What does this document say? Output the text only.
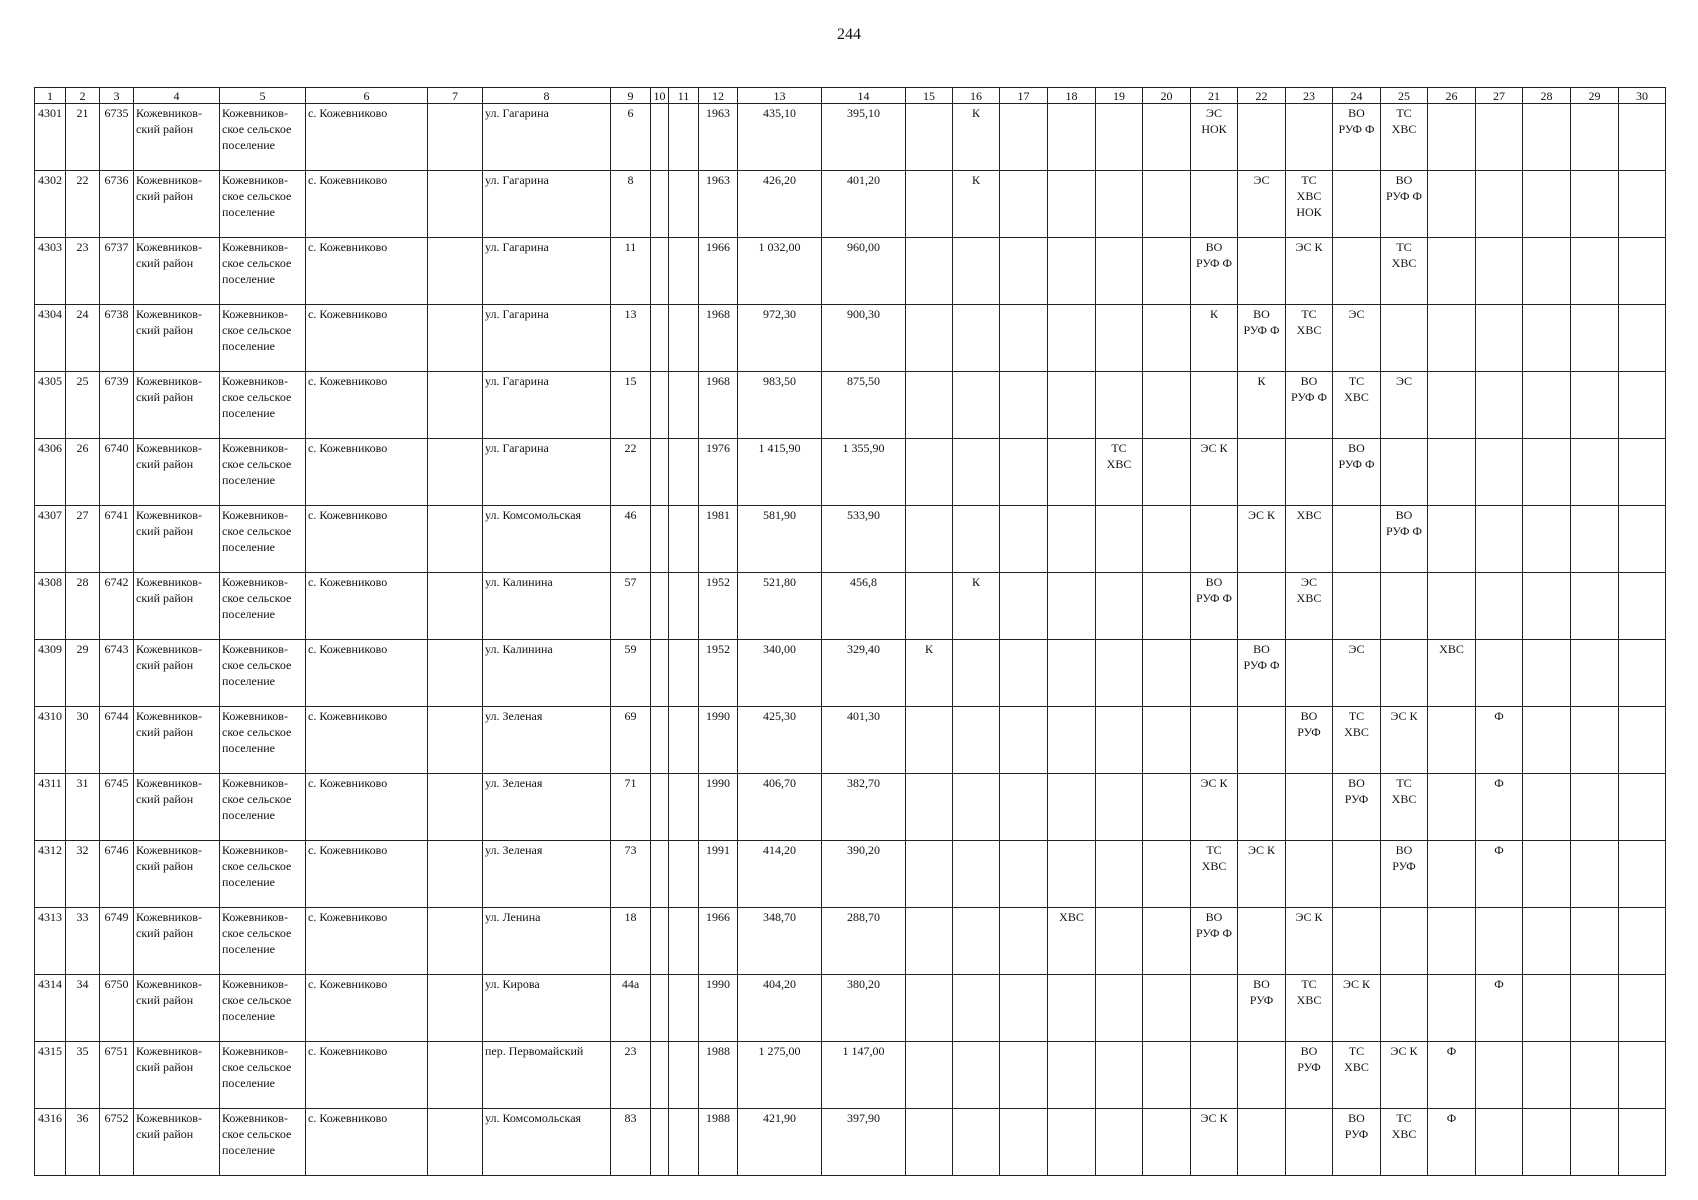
244
1	2	3	4	5	6	7	8	9	10	11	12	13	14	15	16	17	18	19	20	21	22	23	24	25	26	27	28	29	30

4301	21	6735	Кожевников-
ский район	Кожевников-
ское сельское
поселение	с. Кожевниково		ул. Гагарина	6			1963	435,10	395,10		К					ЭС
НОК			ВО
РУФ Ф	ТС
ХВС					

4302	22	6736	Кожевников-
ский район	Кожевников-
ское сельское
поселение	с. Кожевниково		ул. Гагарина	8			1963	426,20	401,20		К						ЭС	ТС
ХВС
НОК		ВО
РУФ Ф					

4303	23	6737	Кожевников-
ский район	Кожевников-
ское сельское
поселение	с. Кожевниково		ул. Гагарина	11			1966	1 032,00	960,00							ВО
РУФ Ф		ЭС К		ТС
ХВС					

4304	24	6738	Кожевников-
ский район	Кожевников-
ское сельское
поселение	с. Кожевниково		ул. Гагарина	13			1968	972,30	900,30							К	ВО
РУФ Ф	ТС
ХВС	ЭС						

4305	25	6739	Кожевников-
ский район	Кожевников-
ское сельское
поселение	с. Кожевниково		ул. Гагарина	15			1968	983,50	875,50								К	ВО
РУФ Ф	ТС
ХВС	ЭС					

4306	26	6740	Кожевников-
ский район	Кожевников-
ское сельское
поселение	с. Кожевниково		ул. Гагарина	22			1976	1 415,90	1 355,90					ТС
ХВС		ЭС К			ВО
РУФ Ф						

4307	27	6741	Кожевников-
ский район	Кожевников-
ское сельское
поселение	с. Кожевниково		ул. Комсомольская	46			1981	581,90	533,90								ЭС К	ХВС		ВО
РУФ Ф					

4308	28	6742	Кожевников-
ский район	Кожевников-
ское сельское
поселение	с. Кожевниково		ул. Калинина	57			1952	521,80	456,8		К					ВО
РУФ Ф		ЭС
ХВС							

4309	29	6743	Кожевников-
ский район	Кожевников-
ское сельское
поселение	с. Кожевниково		ул. Калинина	59			1952	340,00	329,40	К							ВО
РУФ Ф		ЭС		ХВС				

4310	30	6744	Кожевников-
ский район	Кожевников-
ское сельское
поселение	с. Кожевниково		ул. Зеленая	69			1990	425,30	401,30									ВО
РУФ	ТС
ХВС	ЭС К		Ф			

4311	31	6745	Кожевников-
ский район	Кожевников-
ское сельское
поселение	с. Кожевниково		ул. Зеленая	71			1990	406,70	382,70							ЭС К			ВО
РУФ	ТС
ХВС		Ф			

4312	32	6746	Кожевников-
ский район	Кожевников-
ское сельское
поселение	с. Кожевниково		ул. Зеленая	73			1991	414,20	390,20							ТС
ХВС	ЭС К			ВО
РУФ		Ф			

4313	33	6749	Кожевников-
ский район	Кожевников-
ское сельское
поселение	с. Кожевниково		ул. Ленина	18			1966	348,70	288,70				ХВС			ВО
РУФ Ф		ЭС К							

4314	34	6750	Кожевников-
ский район	Кожевников-
ское сельское
поселение	с. Кожевниково		ул. Кирова	44а			1990	404,20	380,20								ВО
РУФ	ТС
ХВС	ЭС К			Ф			

4315	35	6751	Кожевников-
ский район	Кожевников-
ское сельское
поселение	с. Кожевниково		пер. Первомайский	23			1988	1 275,00	1 147,00									ВО
РУФ	ТС
ХВС	ЭС К	Ф				

4316	36	6752	Кожевников-
ский район	Кожевников-
ское сельское
поселение	с. Кожевниково		ул. Комсомольская	83			1988	421,90	397,90							ЭС К			ВО
РУФ	ТС
ХВС	Ф				
